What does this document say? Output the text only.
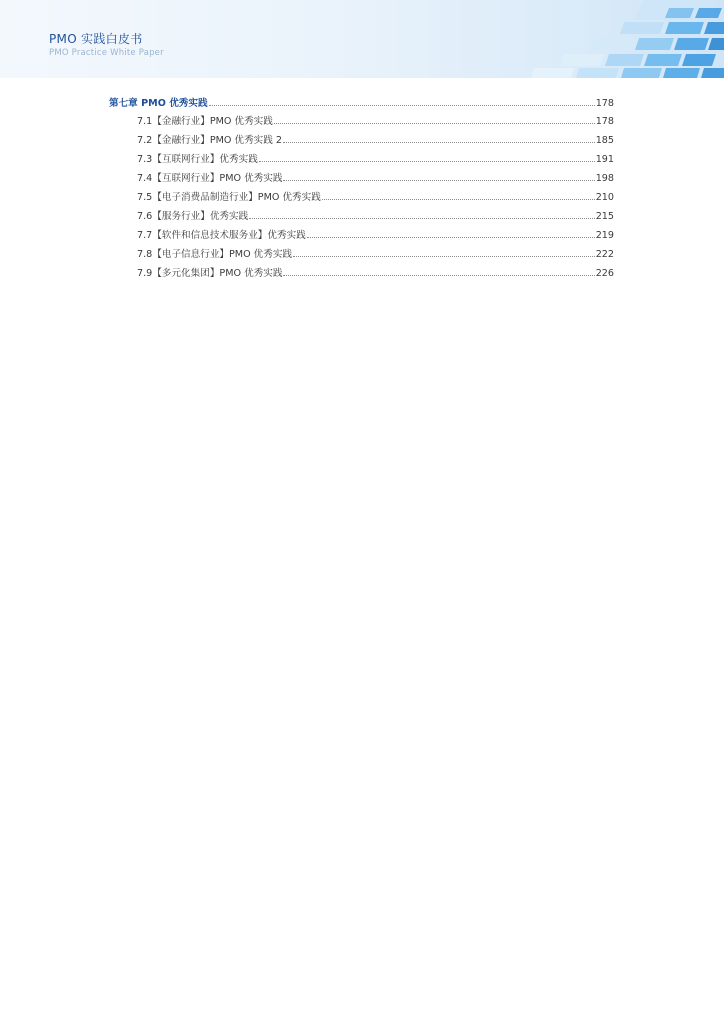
PMO 实践白皮书
PMO Practice White Paper
第七章 PMO 优秀实践	178
7.1【金融行业】PMO 优秀实践	178
7.2【金融行业】PMO 优秀实践 2	185
7.3【互联网行业】优秀实践	191
7.4【互联网行业】PMO 优秀实践	198
7.5【电子消费品制造行业】PMO 优秀实践	210
7.6【服务行业】优秀实践	215
7.7【软件和信息技术服务业】优秀实践	219
7.8【电子信息行业】PMO 优秀实践	222
7.9【多元化集团】PMO 优秀实践	226
